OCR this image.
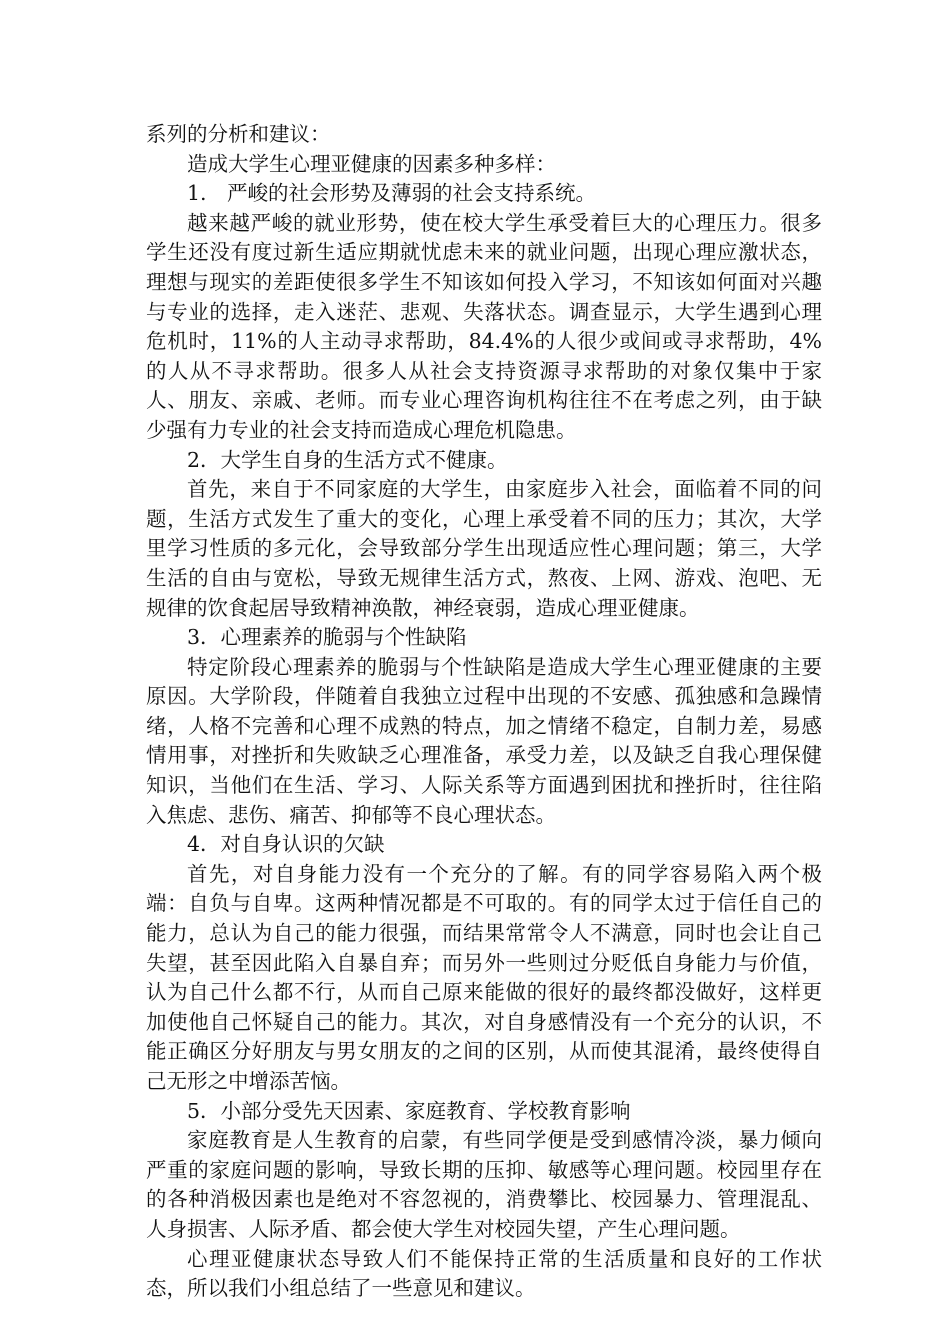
系列的分析和建议：

造成大学生心理亚健康的因素多种多样：

1.　严峻的社会形势及薄弱的社会支持系统。

越来越严峻的就业形势，使在校大学生承受着巨大的心理压力。很多学生还没有度过新生适应期就忧虑未来的就业问题，出现心理应激状态，理想与现实的差距使很多学生不知该如何投入学习，不知该如何面对兴趣与专业的选择，走入迷茫、悲观、失落状态。调查显示，大学生遇到心理危机时，11%的人主动寻求帮助，84.4%的人很少或间或寻求帮助，4%的人从不寻求帮助。很多人从社会支持资源寻求帮助的对象仅集中于家人、朋友、亲戚、老师。而专业心理咨询机构往往不在考虑之列，由于缺少强有力专业的社会支持而造成心理危机隐患。

2．大学生自身的生活方式不健康。

首先，来自于不同家庭的大学生，由家庭步入社会，面临着不同的问题，生活方式发生了重大的变化，心理上承受着不同的压力；其次，大学里学习性质的多元化，会导致部分学生出现适应性心理问题；第三，大学生活的自由与宽松，导致无规律生活方式，熬夜、上网、游戏、泡吧、无规律的饮食起居导致精神涣散，神经衰弱，造成心理亚健康。

3．心理素养的脆弱与个性缺陷

特定阶段心理素养的脆弱与个性缺陷是造成大学生心理亚健康的主要原因。大学阶段，伴随着自我独立过程中出现的不安感、孤独感和急躁情绪，人格不完善和心理不成熟的特点，加之情绪不稳定，自制力差，易感情用事，对挫折和失败缺乏心理准备，承受力差，以及缺乏自我心理保健知识，当他们在生活、学习、人际关系等方面遇到困扰和挫折时，往往陷入焦虑、悲伤、痛苦、抑郁等不良心理状态。

4．对自身认识的欠缺

首先，对自身能力没有一个充分的了解。有的同学容易陷入两个极端：自负与自卑。这两种情况都是不可取的。有的同学太过于信任自己的能力，总认为自己的能力很强，而结果常常令人不满意，同时也会让自己失望，甚至因此陷入自暴自弃；而另外一些则过分贬低自身能力与价值，认为自己什么都不行，从而自己原来能做的很好的最终都没做好，这样更加使他自己怀疑自己的能力。其次，对自身感情没有一个充分的认识，不能正确区分好朋友与男女朋友的之间的区别，从而使其混淆，最终使得自己无形之中增添苦恼。

5．小部分受先天因素、家庭教育、学校教育影响

家庭教育是人生教育的启蒙，有些同学便是受到感情冷淡，暴力倾向严重的家庭问题的影响，导致长期的压抑、敏感等心理问题。校园里存在的各种消极因素也是绝对不容忽视的，消费攀比、校园暴力、管理混乱、人身损害、人际矛盾、都会使大学生对校园失望，产生心理问题。

心理亚健康状态导致人们不能保持正常的生活质量和良好的工作状态，所以我们小组总结了一些意见和建议。
